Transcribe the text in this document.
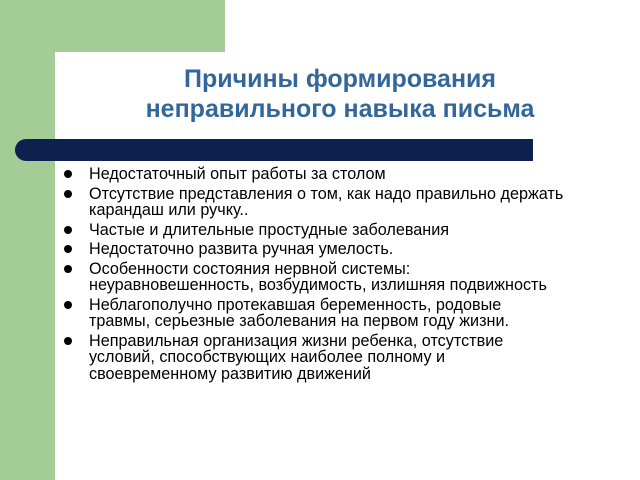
Причины формирования
неправильного навыка письма
Недостаточный опыт работы за столом
Отсутствие представления о том, как надо правильно держать карандаш или ручку..
Частые и длительные простудные заболевания
Недостаточно развита ручная умелость.
Особенности состояния нервной системы: неуравновешенность, возбудимость, излишняя подвижность
Неблагополучно протекавшая беременность, родовые травмы, серьезные заболевания на первом году жизни.
Неправильная организация жизни ребенка, отсутствие условий, способствующих наиболее полному и своевременному развитию движений
